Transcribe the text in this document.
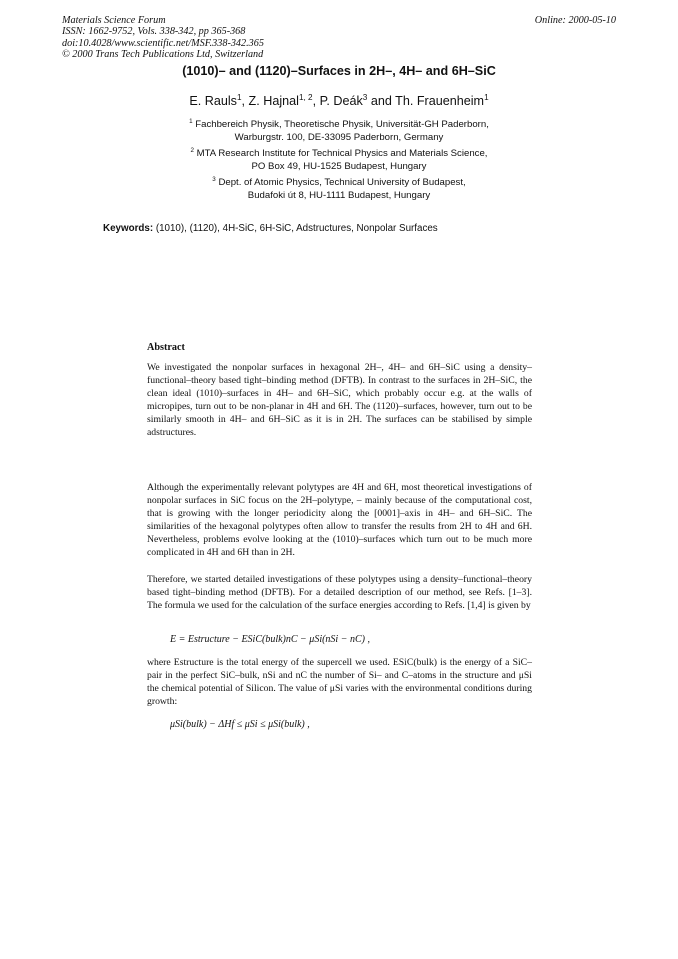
Materials Science Forum
ISSN: 1662-9752, Vols. 338-342, pp 365-368
doi:10.4028/www.scientific.net/MSF.338-342.365
© 2000 Trans Tech Publications Ltd, Switzerland
Online: 2000-05-10
(1010)– and (1120)–Surfaces in 2H–, 4H– and 6H–SiC
E. Rauls$^1$, Z. Hajnal$^{1, 2}$, P. Deák$^3$ and Th. Frauenheim$^1$
$^1$ Fachbereich Physik, Theoretische Physik, Universität-GH Paderborn,
Warburgstr. 100, DE-33095 Paderborn, Germany
$^2$ MTA Research Institute for Technical Physics and Materials Science,
PO Box 49, HU-1525 Budapest, Hungary
$^3$ Dept. of Atomic Physics, Technical University of Budapest,
Budafoki út 8, HU-1111 Budapest, Hungary
Keywords: (1010), (1120), 4H-SiC, 6H-SiC, Adstructures, Nonpolar Surfaces
Abstract

We investigated the nonpolar surfaces in hexagonal 2H–, 4H– and 6H–SiC using a density–functional–theory based tight–binding method (DFTB). In contrast to the surfaces in 2H–SiC, the clean ideal (1010)–surfaces in 4H– and 6H–SiC, which probably occur e.g. at the walls of micropipes, turn out to be non-planar in 4H and 6H. The (1120)–surfaces, however, turn out to be similarly smooth in 4H– and 6H–SiC as it is in 2H. The surfaces can be stabilised by simple adstructures.

Although the experimentally relevant polytypes are 4H and 6H, most theoretical investigations of nonpolar surfaces in SiC focus on the 2H–polytype, – mainly because of the computational cost, that is growing with the longer periodicity along the [0001]–axis in 4H– and 6H–SiC. The similarities of the hexagonal polytypes often allow to transfer the results from 2H to 4H and 6H. Nevertheless, problems evolve looking at the (1010)–surfaces which turn out to be much more complicated in 4H and 6H than in 2H.

Therefore, we started detailed investigations of these polytypes using a density–functional–theory based tight–binding method (DFTB). For a detailed description of our method, see Refs. [1–3]. The formula we used for the calculation of the surface energies according to Refs. [1,4] is given by

E = Estructure − ESiC(bulk)nC − μSi(nSi − nC) ,

where Estructure is the total energy of the supercell we used. ESiC(bulk) is the energy of a SiC–pair in the perfect SiC–bulk, nSi and nC the number of Si– and C–atoms in the structure and μSi the chemical potential of Silicon. The value of μSi varies with the environmental conditions during growth:

μSi(bulk) − ΔHf ≤ μSi ≤ μSi(bulk) ,
